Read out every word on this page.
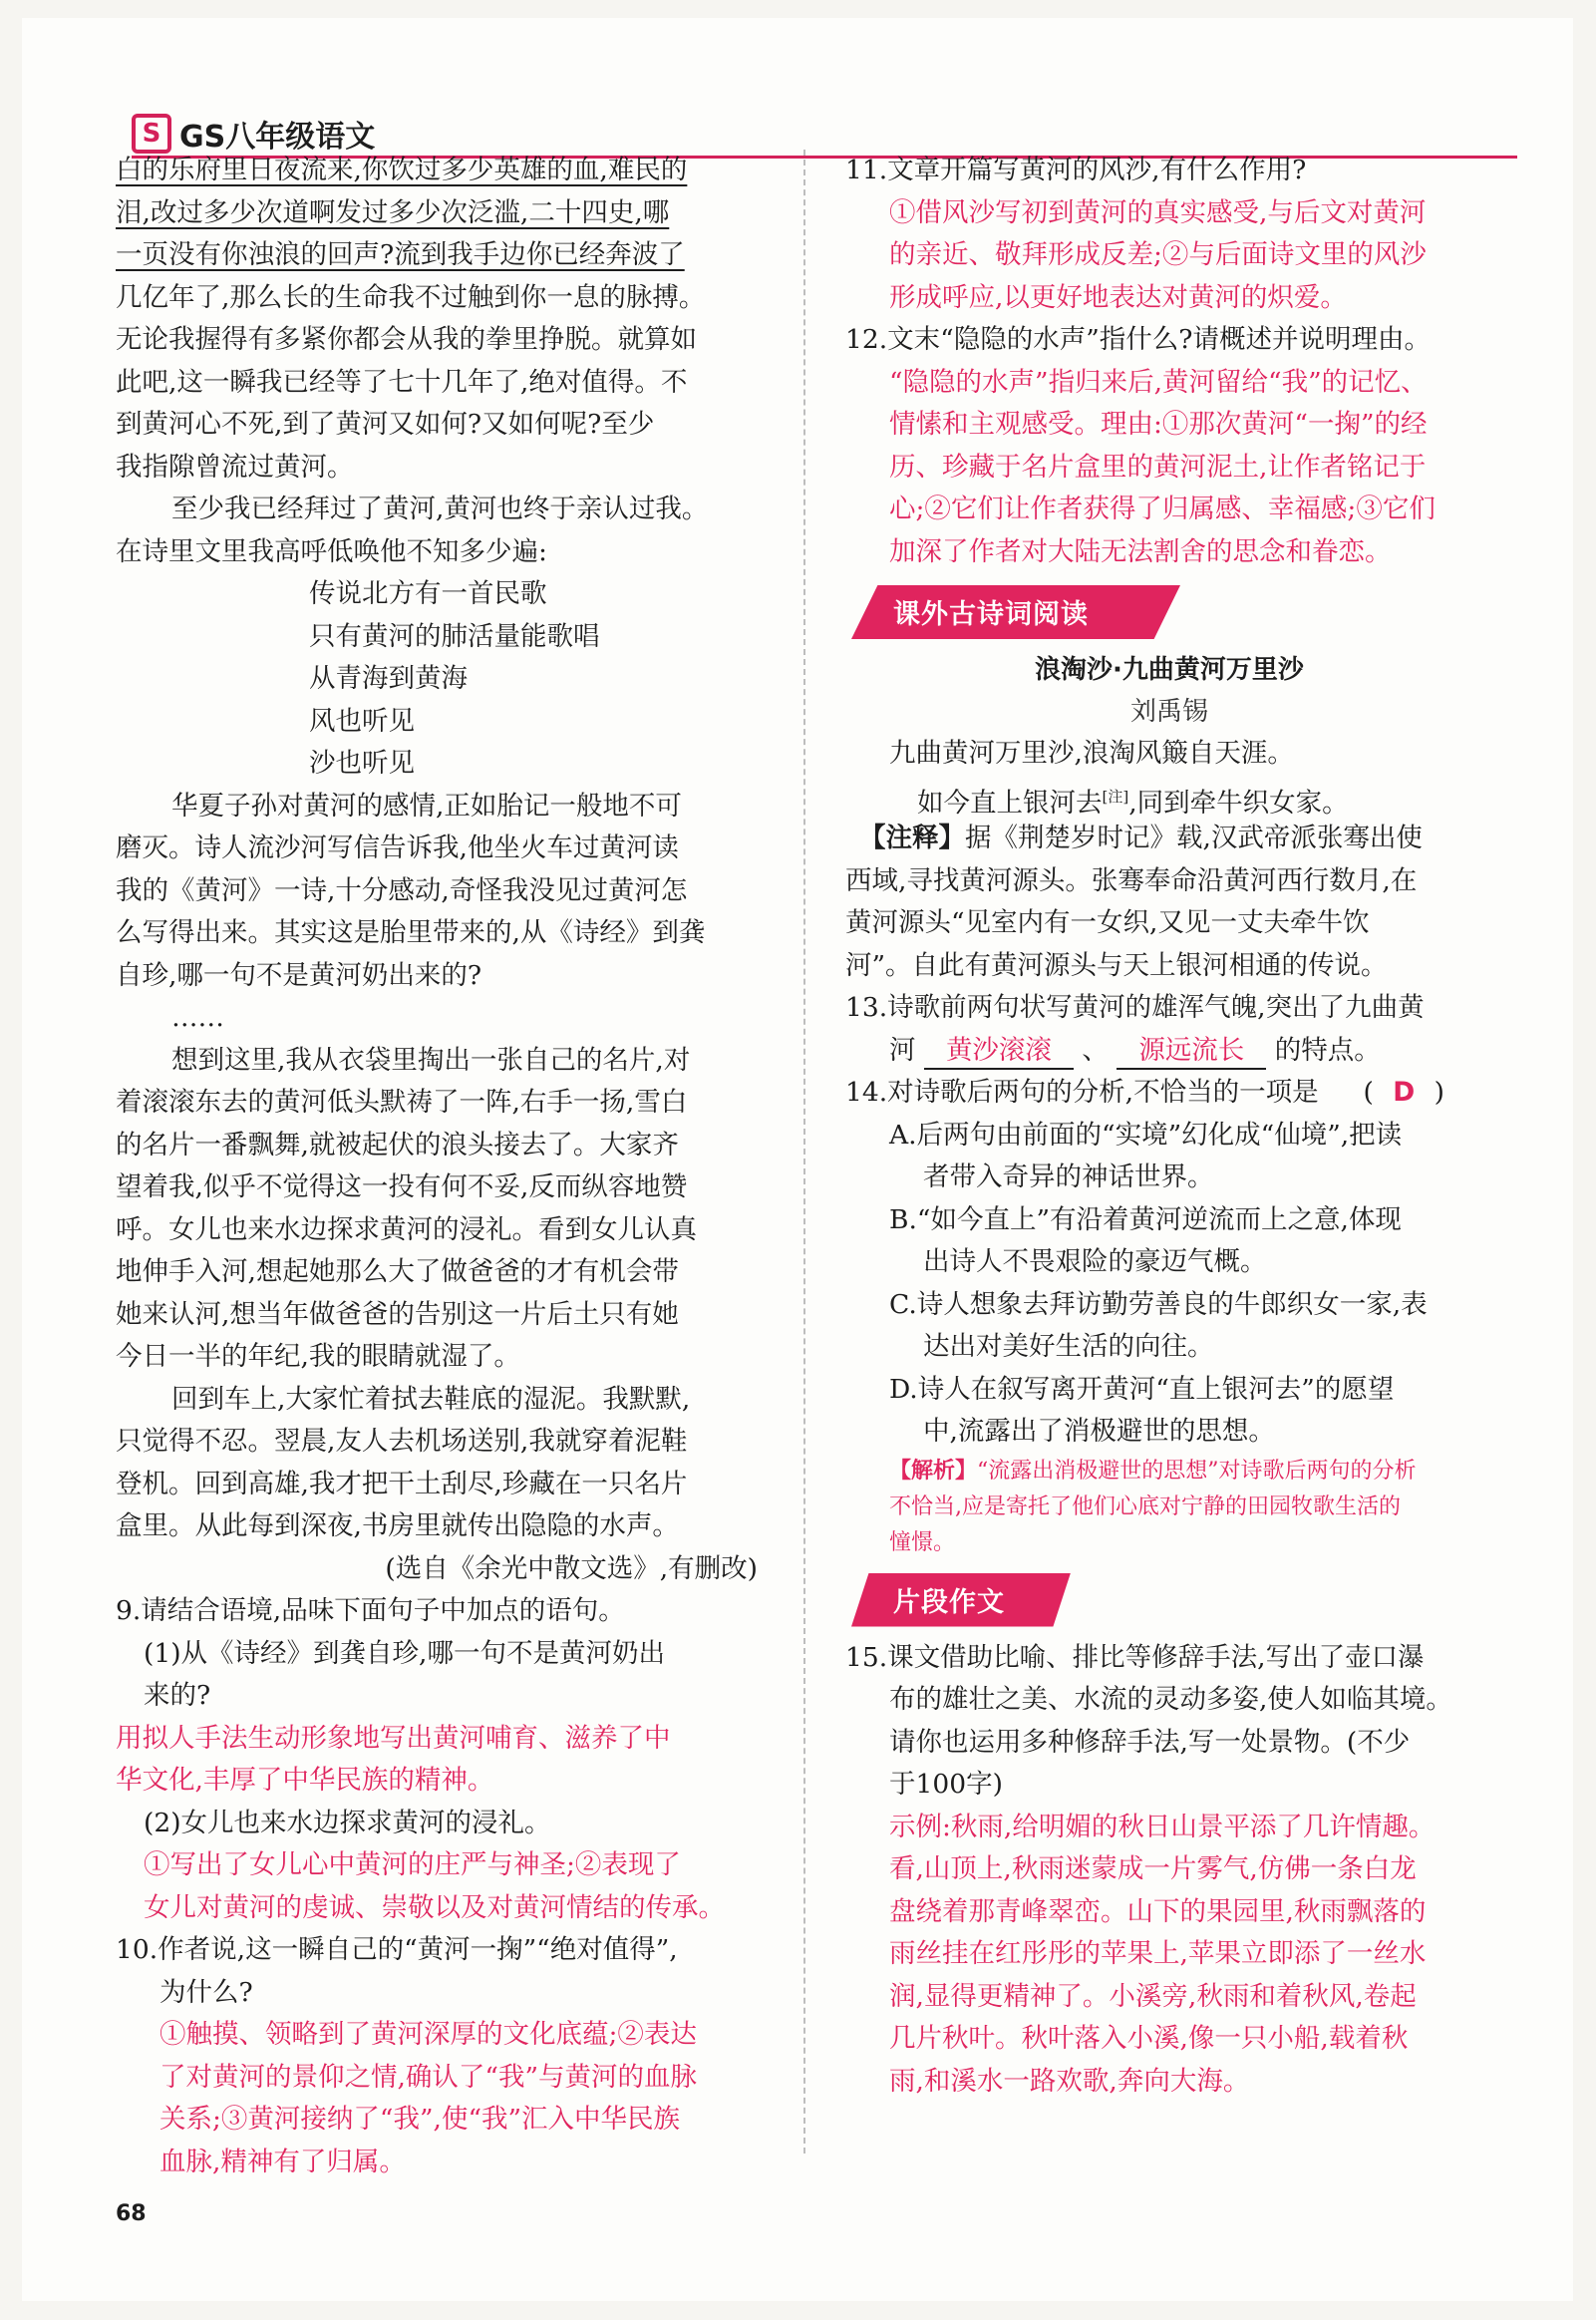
S GS八年级语文
白的乐府里日夜流来,你饮过多少英雄的血,难民的
泪,改过多少次道啊发过多少次泛滥,二十四史,哪
一页没有你浊浪的回声?流到我手边你已经奔波了
几亿年了,那么长的生命我不过触到你一息的脉搏。
无论我握得有多紧你都会从我的拳里挣脱。就算如
此吧,这一瞬我已经等了七十几年了,绝对值得。不
到黄河心不死,到了黄河又如何?又如何呢?至少
我指隙曾流过黄河。
至少我已经拜过了黄河,黄河也终于亲认过我。
在诗里文里我高呼低唤他不知多少遍:
传说北方有一首民歌
只有黄河的肺活量能歌唱
从青海到黄海
风也听见
沙也听见
华夏子孙对黄河的感情,正如胎记一般地不可
磨灭。诗人流沙河写信告诉我,他坐火车过黄河读
我的《黄河》一诗,十分感动,奇怪我没见过黄河怎
么写得出来。其实这是胎里带来的,从《诗经》到龚
自珍,哪一句不是黄河奶出来的?
……
想到这里,我从衣袋里掏出一张自己的名片,对
着滚滚东去的黄河低头默祷了一阵,右手一扬,雪白
的名片一番飘舞,就被起伏的浪头接去了。大家齐
望着我,似乎不觉得这一投有何不妥,反而纵容地赞
呼。女儿也来水边探求黄河的浸礼。看到女儿认真
地伸手入河,想起她那么大了做爸爸的才有机会带
她来认河,想当年做爸爸的告别这一片后土只有她
今日一半的年纪,我的眼睛就湿了。
回到车上,大家忙着拭去鞋底的湿泥。我默默,
只觉得不忍。翌晨,友人去机场送别,我就穿着泥鞋
登机。回到高雄,我才把干土刮尽,珍藏在一只名片
盒里。从此每到深夜,书房里就传出隐隐的水声。
(选自《余光中散文选》,有删改)
9.请结合语境,品味下面句子中加点的语句。
(1)从《诗经》到龚自珍,哪一句不是黄河奶出
来的?
用拟人手法生动形象地写出黄河哺育、滋养了中
华文化,丰厚了中华民族的精神。
(2)女儿也来水边探求黄河的浸礼。
①写出了女儿心中黄河的庄严与神圣;②表现了
女儿对黄河的虔诚、崇敬以及对黄河情结的传承。
10.作者说,这一瞬自己的“黄河一掬”“绝对值得”,
为什么?
①触摸、领略到了黄河深厚的文化底蕴;②表达
了对黄河的景仰之情,确认了“我”与黄河的血脉
关系;③黄河接纳了“我”,使“我”汇入中华民族
血脉,精神有了归属。
11.文章开篇写黄河的风沙,有什么作用?
①借风沙写初到黄河的真实感受,与后文对黄河
的亲近、敬拜形成反差;②与后面诗文里的风沙
形成呼应,以更好地表达对黄河的炽爱。
12.文末“隐隐的水声”指什么?请概述并说明理由。
“隐隐的水声”指归来后,黄河留给“我”的记忆、
情愫和主观感受。理由:①那次黄河“一掬”的经
历、珍藏于名片盒里的黄河泥土,让作者铭记于
心;②它们让作者获得了归属感、幸福感;③它们
加深了作者对大陆无法割舍的思念和眷恋。
课外古诗词阅读
浪淘沙·九曲黄河万里沙
刘禹锡
九曲黄河万里沙,浪淘风簸自天涯。
如今直上银河去[注],同到牵牛织女家。
【注释】据《荆楚岁时记》载,汉武帝派张骞出使
西域,寻找黄河源头。张骞奉命沿黄河西行数月,在
黄河源头“见室内有一女织,又见一丈夫牵牛饮
河”。自此有黄河源头与天上银河相通的传说。
13.诗歌前两句状写黄河的雄浑气魄,突出了九曲黄
河 黄沙滚滚 、 源远流长 的特点。
14.对诗歌后两句的分析,不恰当的一项是 ( D )
A.后两句由前面的“实境”幻化成“仙境”,把读
者带入奇异的神话世界。
B.“如今直上”有沿着黄河逆流而上之意,体现
出诗人不畏艰险的豪迈气概。
C.诗人想象去拜访勤劳善良的牛郎织女一家,表
达出对美好生活的向往。
D.诗人在叙写离开黄河“直上银河去”的愿望
中,流露出了消极避世的思想。
【解析】“流露出消极避世的思想”对诗歌后两句的分析
不恰当,应是寄托了他们心底对宁静的田园牧歌生活的
憧憬。
片段作文
15.课文借助比喻、排比等修辞手法,写出了壶口瀑
布的雄壮之美、水流的灵动多姿,使人如临其境。
请你也运用多种修辞手法,写一处景物。(不少
于100字)
示例:秋雨,给明媚的秋日山景平添了几许情趣。
看,山顶上,秋雨迷蒙成一片雾气,仿佛一条白龙
盘绕着那青峰翠峦。山下的果园里,秋雨飘落的
雨丝挂在红彤彤的苹果上,苹果立即添了一丝水
润,显得更精神了。小溪旁,秋雨和着秋风,卷起
几片秋叶。秋叶落入小溪,像一只小船,载着秋
雨,和溪水一路欢歌,奔向大海。
68
